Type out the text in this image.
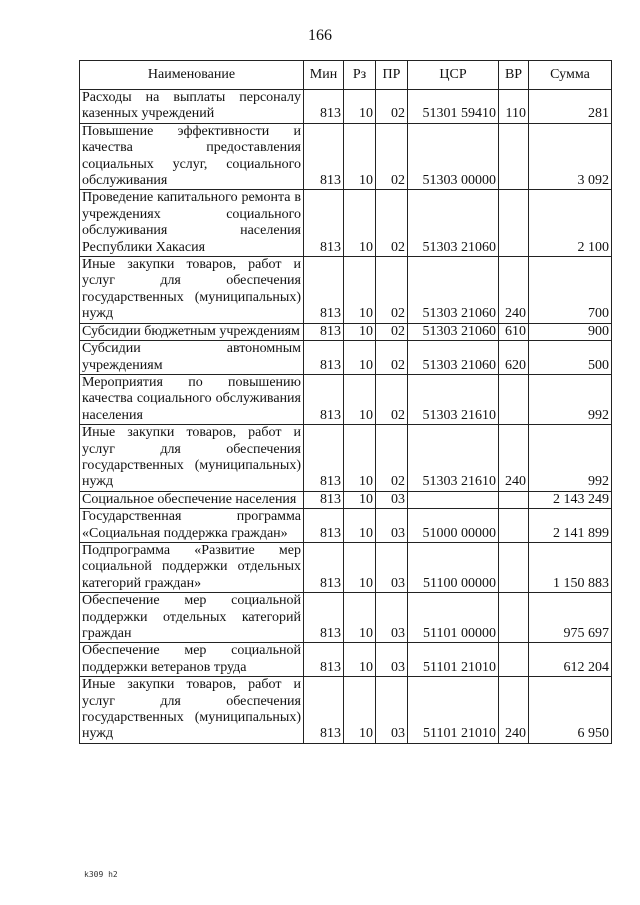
166
Наименование	Мин	Рз	ПР	ЦСР	ВР	Сумма
Расходы на выплаты персоналу казенных учреждений	813	10	02	51301 59410	110	281
Повышение эффективности и качества предоставления социальных услуг, социального обслуживания	813	10	02	51303 00000		3 092
Проведение капитального ремонта в учреждениях социального обслуживания населения Республики Хакасия	813	10	02	51303 21060		2 100
Иные закупки товаров, работ и услуг для обеспечения государственных (муниципальных) нужд	813	10	02	51303 21060	240	700
Субсидии бюджетным учреждениям	813	10	02	51303 21060	610	900
Субсидии автономным учреждениям	813	10	02	51303 21060	620	500
Мероприятия по повышению качества социального обслуживания населения	813	10	02	51303 21610		992
Иные закупки товаров, работ и услуг для обеспечения государственных (муниципальных) нужд	813	10	02	51303 21610	240	992
Социальное обеспечение населения	813	10	03			2 143 249
Государственная программа «Социальная поддержка граждан»	813	10	03	51000 00000		2 141 899
Подпрограмма «Развитие мер социальной поддержки отдельных категорий граждан»	813	10	03	51100 00000		1 150 883
Обеспечение мер социальной поддержки отдельных категорий граждан	813	10	03	51101 00000		975 697
Обеспечение мер социальной поддержки ветеранов труда	813	10	03	51101 21010		612 204
Иные закупки товаров, работ и услуг для обеспечения государственных (муниципальных) нужд	813	10	03	51101 21010	240	6 950
k309 h2
